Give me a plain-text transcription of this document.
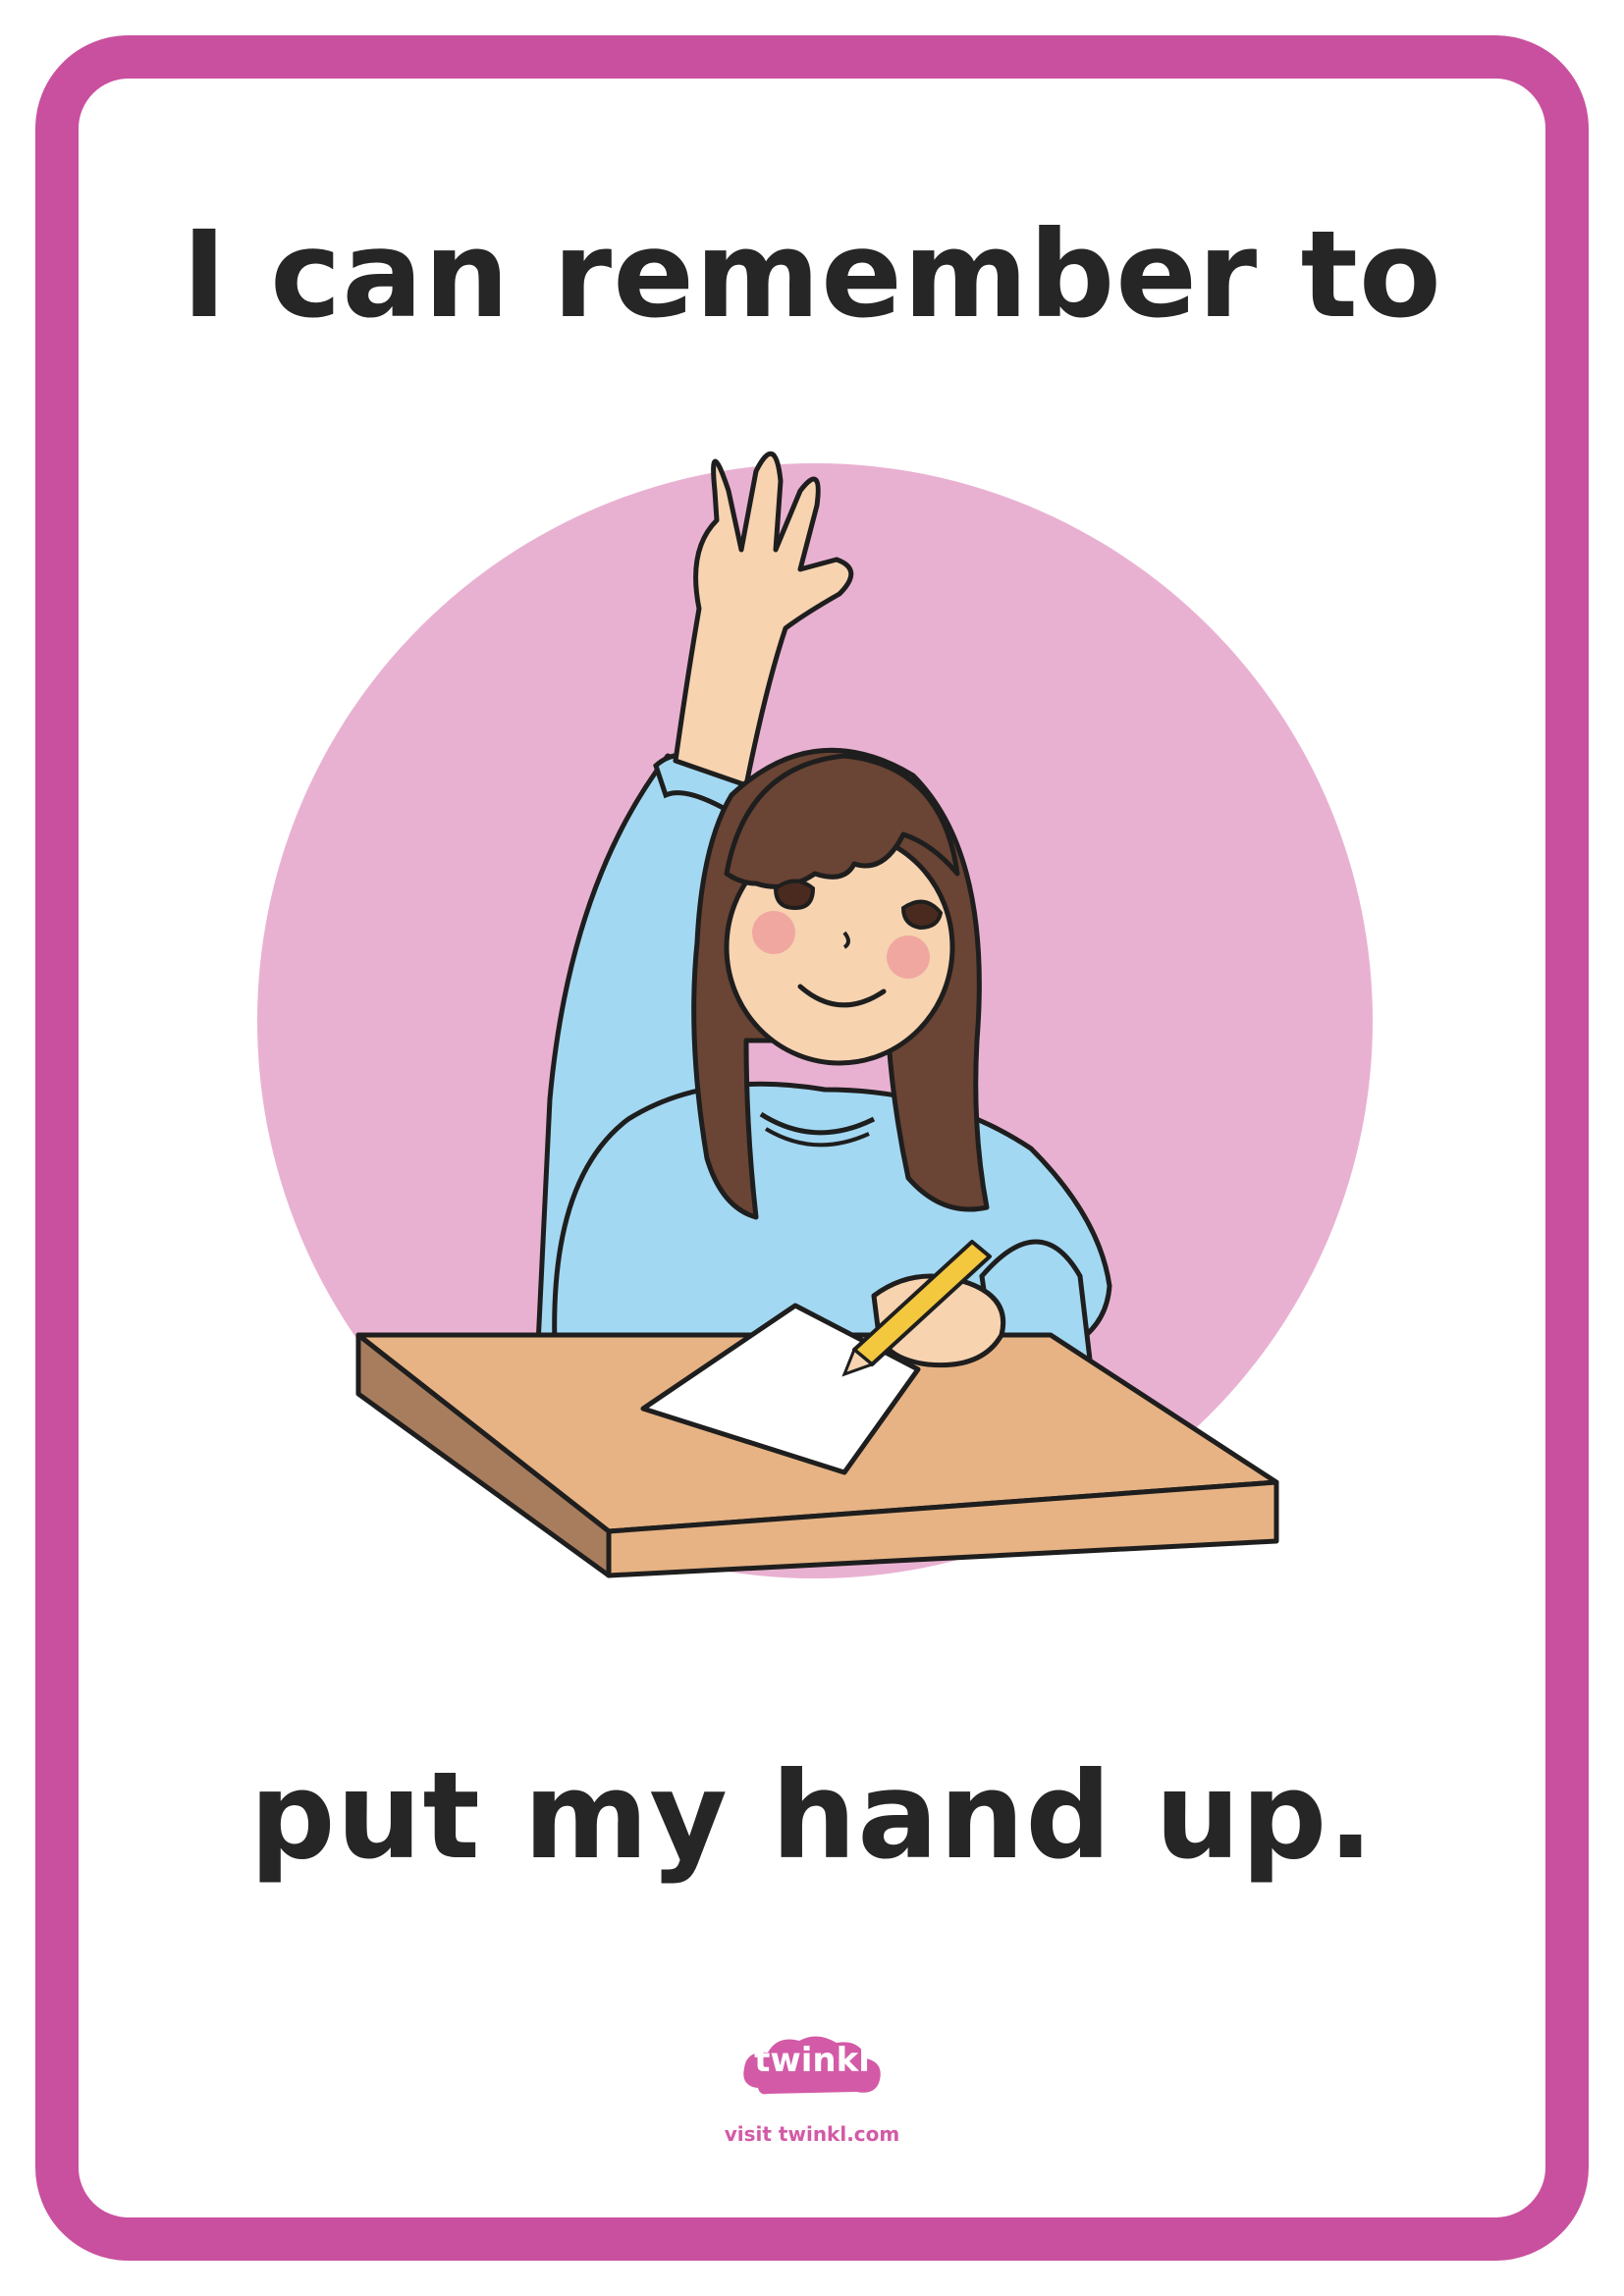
I can remember to
put my hand up.
twinkl
visit twinkl.com
